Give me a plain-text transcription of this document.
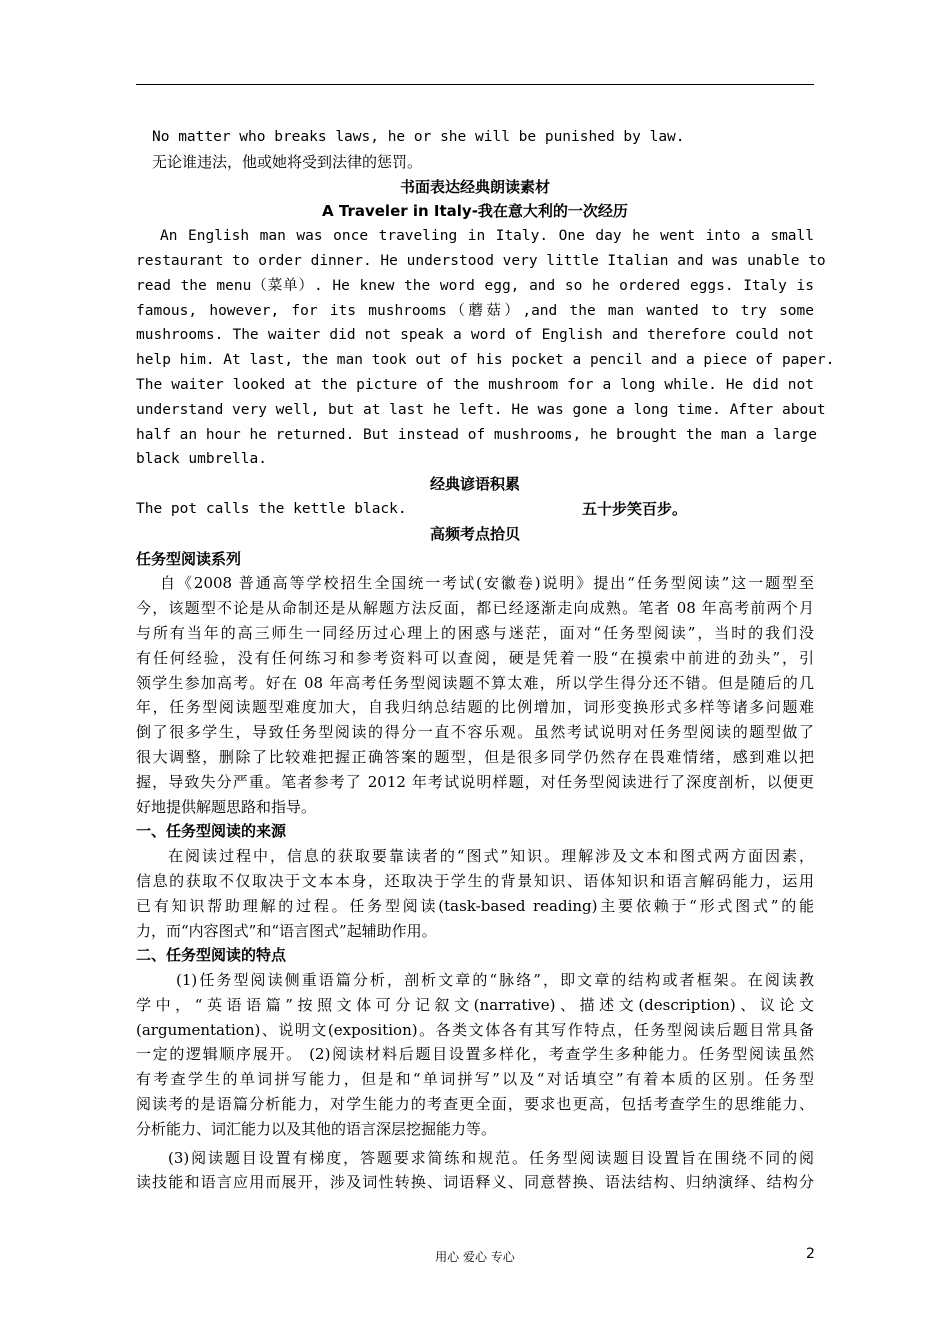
No matter who breaks laws, he or she will be punished by law.
无论谁违法，他或她将受到法律的惩罚。
书面表达经典朗读素材
A Traveler in Italy-我在意大利的一次经历
An English man was once traveling in Italy. One day he went into a small
restaurant to order dinner. He understood very little Italian and was unable to
read the menu（菜单）. He knew the word egg, and so he ordered eggs. Italy is
famous, however, for its mushrooms（蘑菇）,and the man wanted to try some
mushrooms. The waiter did not speak a word of English and therefore could not
help him. At last, the man took out of his pocket a pencil and a piece of paper.
The waiter looked at the picture of the mushroom for a long while. He did not
understand very well, but at last he left. He was gone a long time. After about
half an hour he returned. But instead of mushrooms, he brought the man a large
black umbrella.
经典谚语积累
The pot calls the kettle black.	五十步笑百步。
高频考点拾贝
任务型阅读系列
自《2008 普通高等学校招生全国统一考试(安徽卷)说明》提出“任务型阅读”这一题型至
今，该题型不论是从命制还是从解题方法反面，都已经逐渐走向成熟。笔者 08 年高考前两个月
与所有当年的高三师生一同经历过心理上的困惑与迷茫，面对“任务型阅读”，当时的我们没
有任何经验，没有任何练习和参考资料可以查阅，硬是凭着一股“在摸索中前进的劲头”，引
领学生参加高考。好在 08 年高考任务型阅读题不算太难，所以学生得分还不错。但是随后的几
年，任务型阅读题型难度加大，自我归纳总结题的比例增加，词形变换形式多样等诸多问题难
倒了很多学生，导致任务型阅读的得分一直不容乐观。虽然考试说明对任务型阅读的题型做了
很大调整，删除了比较难把握正确答案的题型，但是很多同学仍然存在畏难情绪，感到难以把
握，导致失分严重。笔者参考了 2012 年考试说明样题，对任务型阅读进行了深度剖析，以便更
好地提供解题思路和指导。
一、任务型阅读的来源
在阅读过程中，信息的获取要靠读者的“图式”知识。理解涉及文本和图式两方面因素，
信息的获取不仅取决于文本本身，还取决于学生的背景知识、语体知识和语言解码能力，运用
已有知识帮助理解的过程。任务型阅读(task-based reading)主要依赖于“形式图式”的能
力，而“内容图式”和“语言图式”起辅助作用。
二、任务型阅读的特点
(1)任务型阅读侧重语篇分析，剖析文章的“脉络”，即文章的结构或者框架。在阅读教
学中，“英语语篇”按照文体可分记叙文(narrative)、描述文(description)、议论文
(argumentation)、说明文(exposition)。各类文体各有其写作特点，任务型阅读后题目常具备
一定的逻辑顺序展开。 (2)阅读材料后题目设置多样化，考查学生多种能力。任务型阅读虽然
有考查学生的单词拼写能力，但是和“单词拼写”以及“对话填空”有着本质的区别。任务型
阅读考的是语篇分析能力，对学生能力的考查更全面，要求也更高，包括考查学生的思维能力、
分析能力、词汇能力以及其他的语言深层挖掘能力等。
(3)阅读题目设置有梯度，答题要求简练和规范。任务型阅读题目设置旨在围绕不同的阅
读技能和语言应用而展开，涉及词性转换、词语释义、同意替换、语法结构、归纳演绎、结构分
用心 爱心 专心	2
